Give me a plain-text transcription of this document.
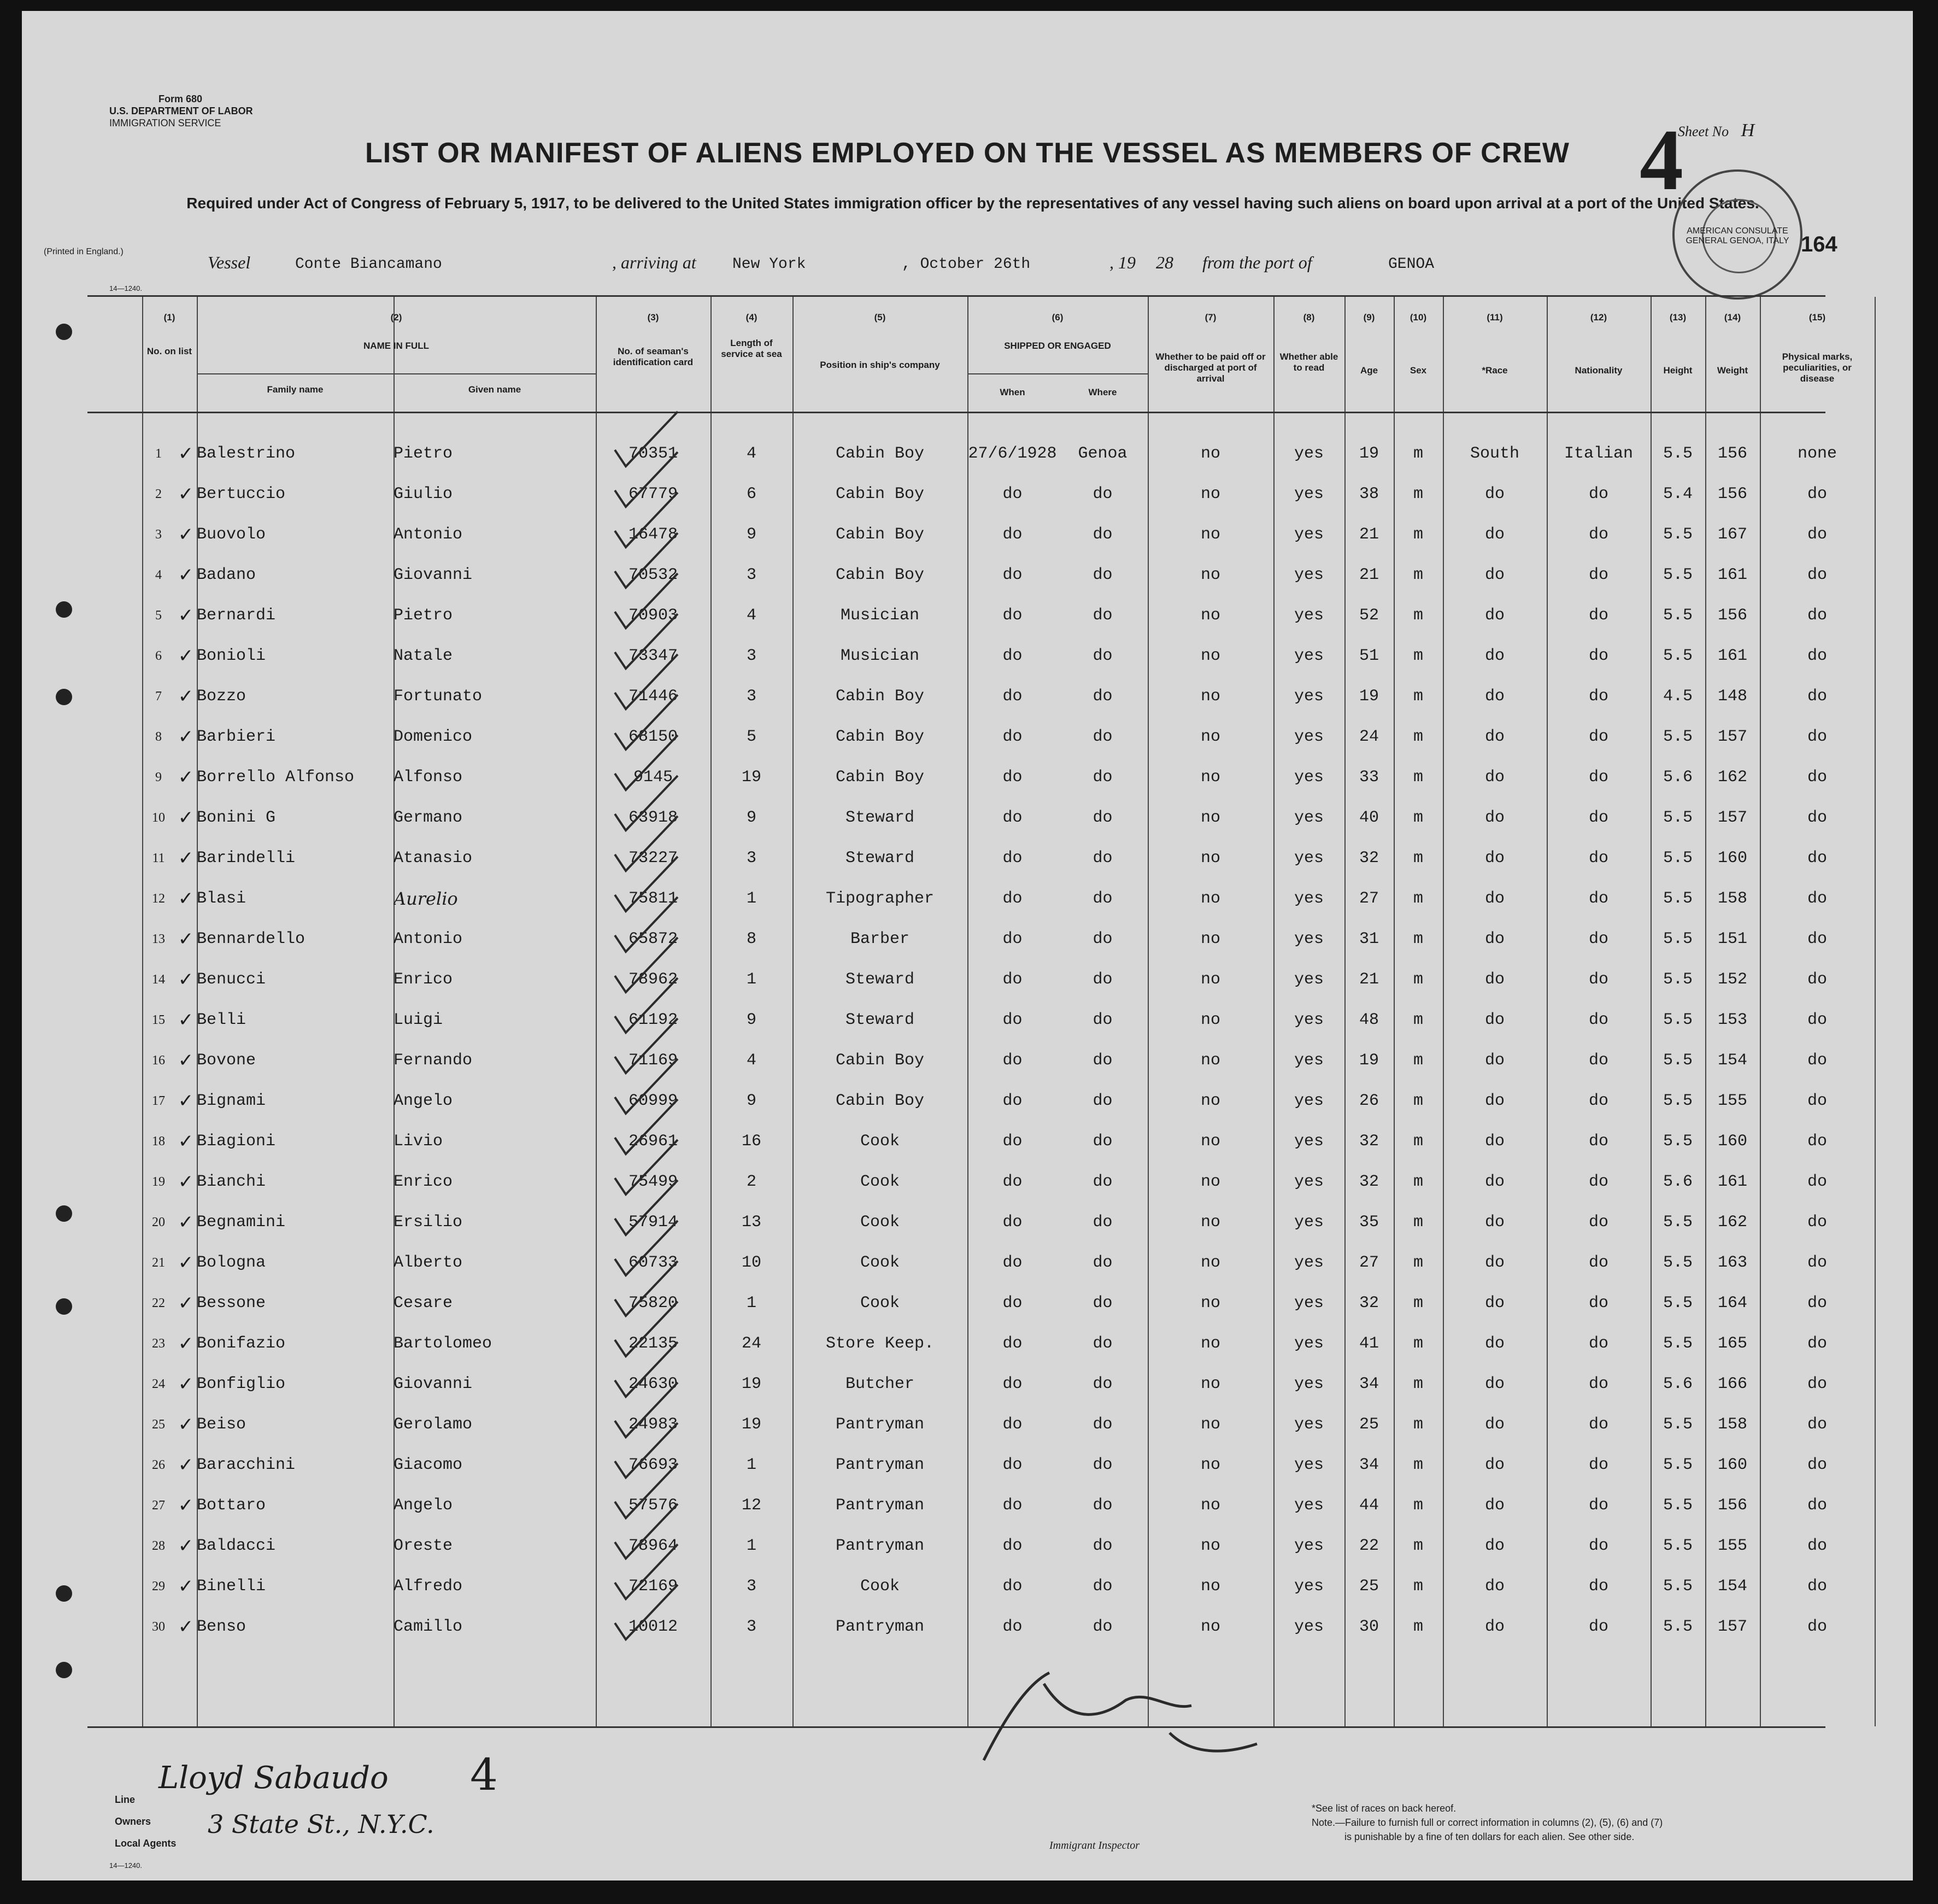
Form 680
U.S. DEPARTMENT OF LABOR
IMMIGRATION SERVICE
LIST OR MANIFEST OF ALIENS EMPLOYED ON THE VESSEL AS MEMBERS OF CREW 4
Sheet No H
Required under Act of Congress of February 5, 1917, to be delivered to the United States immigration officer by the representatives of any vessel having such aliens on board upon arrival at a port of the United States.
(Printed in England.)
AMERICAN CONSULATE GENERAL GENOA, ITALY 164
14—1240.
Vessel	Conte Biancamano	, arriving at New York	, October 26th	, 19 28 from the port of	GENOA
(1)	(2)	(3)	(4)	(5)	(6)	(7)	(8)	(9)	(10)	(11)	(12)	(13)	(14)	(15)
No. on list
NAME IN FULL
Family name	Given name
No. of seaman's identification card
Length of service at sea
Position in ship's company
SHIPPED OR ENGAGED
When	Where
Whether to be paid off or discharged at port of arrival
Whether able to read	Age	Sex	*Race	Nationality	Height	Weight
Physical marks, peculiarities, or disease
1 ✓ Balestrino	Pietro	70351	4	Cabin Boy	27/6/1928	Genoa	no	yes	19	m	South	Italian	5.5	156	none
2 ✓ Bertuccio	Giulio	67779	6	Cabin Boy	do	do	no	yes	38	m	do	do	5.4	156	do
3 ✓ Buovolo	Antonio	16478	9	Cabin Boy	do	do	no	yes	21	m	do	do	5.5	167	do
4 ✓ Badano	Giovanni	70532	3	Cabin Boy	do	do	no	yes	21	m	do	do	5.5	161	do
5 ✓ Bernardi	Pietro	70903	4	Musician	do	do	no	yes	52	m	do	do	5.5	156	do
6 ✓ Bonioli	Natale	73347	3	Musician	do	do	no	yes	51	m	do	do	5.5	161	do
7 ✓ Bozzo	Fortunato	71446	3	Cabin Boy	do	do	no	yes	19	m	do	do	4.5	148	do
8 ✓ Barbieri	Domenico	68150	5	Cabin Boy	do	do	no	yes	24	m	do	do	5.5	157	do
9 ✓ Borrello Alfonso	Alfonso	9145	19	Cabin Boy	do	do	no	yes	33	m	do	do	5.6	162	do
10 ✓ Bonini G	Germano	63918	9	Steward	do	do	no	yes	40	m	do	do	5.5	157	do
11 ✓ Barindelli	Atanasio	73227	3	Steward	do	do	no	yes	32	m	do	do	5.5	160	do
12 ✓ Blasi	Aurelio	75811	1	Tipographer	do	do	no	yes	27	m	do	do	5.5	158	do
13 ✓ Bennardello	Antonio	65872	8	Barber	do	do	no	yes	31	m	do	do	5.5	151	do
14 ✓ Benucci	Enrico	78962	1	Steward	do	do	no	yes	21	m	do	do	5.5	152	do
15 ✓ Belli	Luigi	61192	9	Steward	do	do	no	yes	48	m	do	do	5.5	153	do
16 ✓ Bovone	Fernando	71169	4	Cabin Boy	do	do	no	yes	19	m	do	do	5.5	154	do
17 ✓ Bignami	Angelo	60999	9	Cabin Boy	do	do	no	yes	26	m	do	do	5.5	155	do
18 ✓ Biagioni	Livio	26961	16	Cook	do	do	no	yes	32	m	do	do	5.5	160	do
19 ✓ Bianchi	Enrico	75499	2	Cook	do	do	no	yes	32	m	do	do	5.6	161	do
20 ✓ Begnamini	Ersilio	57914	13	Cook	do	do	no	yes	35	m	do	do	5.5	162	do
21 ✓ Bologna	Alberto	60733	10	Cook	do	do	no	yes	27	m	do	do	5.5	163	do
22 ✓ Bessone	Cesare	75820	1	Cook	do	do	no	yes	32	m	do	do	5.5	164	do
23 ✓ Bonifazio	Bartolomeo	22135	24	Store Keep.	do	do	no	yes	41	m	do	do	5.5	165	do
24 ✓ Bonfiglio	Giovanni	24630	19	Butcher	do	do	no	yes	34	m	do	do	5.6	166	do
25 ✓ Beiso	Gerolamo	24983	19	Pantryman	do	do	no	yes	25	m	do	do	5.5	158	do
26 ✓ Baracchini	Giacomo	76693	1	Pantryman	do	do	no	yes	34	m	do	do	5.5	160	do
27 ✓ Bottaro	Angelo	57576	12	Pantryman	do	do	no	yes	44	m	do	do	5.5	156	do
28 ✓ Baldacci	Oreste	78964	1	Pantryman	do	do	no	yes	22	m	do	do	5.5	155	do
29 ✓ Binelli	Alfredo	72169	3	Cook	do	do	no	yes	25	m	do	do	5.5	154	do
30 ✓ Benso	Camillo	10012	3	Pantryman	do	do	no	yes	30	m	do	do	5.5	157	do
Line
Lloyd Sabaudo
Owners
Local Agents
3 State St., N.Y.C.
4
Immigrant Inspector
*See list of races on back hereof.
Note.—Failure to furnish full or correct information in columns (2), (5), (6) and (7)
is punishable by a fine of ten dollars for each alien. See other side.
14—1240.
